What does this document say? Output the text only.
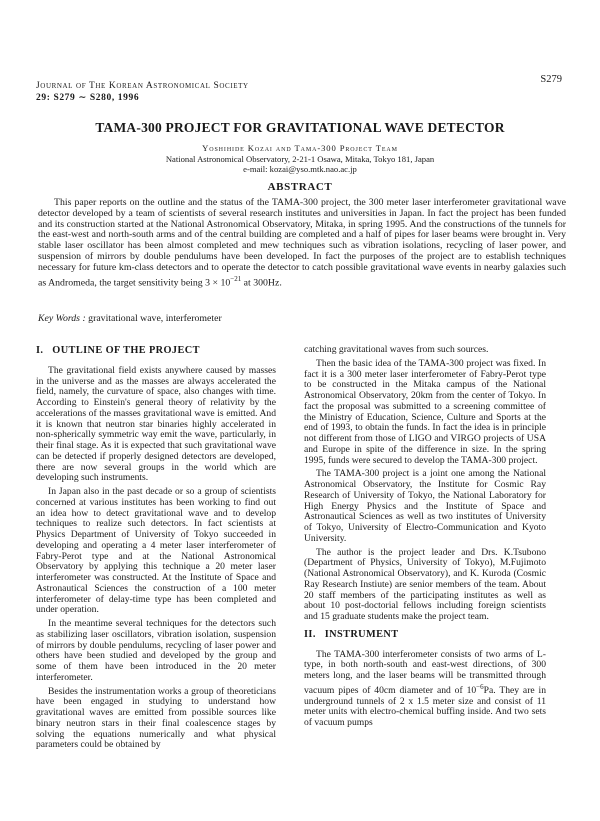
Journal of The Korean Astronomical Society
29: S279 ∼ S280, 1996
S279
TAMA-300 PROJECT FOR GRAVITATIONAL WAVE DETECTOR
Yoshihide Kozai and Tama-300 Project Team
National Astronomical Observatory, 2-21-1 Osawa, Mitaka, Tokyo 181, Japan
e-mail: kozai@yso.mtk.nao.ac.jp
ABSTRACT

This paper reports on the outline and the status of the TAMA-300 project, the 300 meter laser interferometer gravitational wave detector developed by a team of scientists of several research institutes and universities in Japan. In fact the project has been funded and its construction started at the National Astronomical Observatory, Mitaka, in spring 1995. And the constructions of the tunnels for the east-west and north-south arms and of the central building are completed and a half of pipes for laser beams were brought in. Very stable laser oscillator has been almost completed and mew techniques such as vibration isolations, recycling of laser power, and suspension of mirrors by double pendulums have been developed. In fact the purposes of the project are to establish techniques necessary for future km-class detectors and to operate the detector to catch possible gravitational wave events in nearby galaxies such as Andromeda, the target sensitivity being $3 \times 10^{-21}$ at 300Hz.

Key Words : gravitational wave, interferometer
I.   OUTLINE OF THE PROJECT

The gravitational field exists anywhere caused by masses in the universe and as the masses are always accelerated the field, namely, the curvature of space, also changes with time. According to Einstein's general theory of relativity by the accelerations of the masses gravitational wave is emitted. And it is known that neutron star binaries highly accelerated in non-spherically symmetric way emit the wave, particularly, in their final stage. As it is expected that such gravitational wave can be detected if properly designed detectors are developed, there are now several groups in the world which are developing such instruments.

In Japan also in the past decade or so a group of scientists concerned at various institutes has been working to find out an idea how to detect gravitational wave and to develop techniques to realize such detectors. In fact scientists at Physics Department of University of Tokyo succeeded in developing and operating a 4 meter laser interferometer of Fabry-Perot type and at the National Astronomical Observatory by applying this technique a 20 meter laser interferometer was constructed. At the Institute of Space and Astronautical Sciences the construction of a 100 meter interferometer of delay-time type has been completed and under operation.

In the meantime several techniques for the detectors such as stabilizing laser oscillators, vibration isolation, suspension of mirrors by double pendulums, recycling of laser power and others have been studied and developed by the group and some of them have been introduced in the 20 meter interferometer.

Besides the instrumentation works a group of theoreticians have been engaged in studying to understand how gravitational waves are emitted from possible sources like binary neutron stars in their final coalescence stages by solving the equations numerically and what physical parameters could be obtained by

catching gravitational waves from such sources.

Then the basic idea of the TAMA-300 project was fixed. In fact it is a 300 meter laser interferometer of Fabry-Perot type to be constructed in the Mitaka campus of the National Astronomical Observatory, 20km from the center of Tokyo. In fact the proposal was submitted to a screening committee of the Ministry of Education, Science, Culture and Sports at the end of 1993, to obtain the funds. In fact the idea is in principle not different from those of LIGO and VIRGO projects of USA and Europe in spite of the difference in size. In the spring 1995, funds were secured to develop the TAMA-300 project.

The TAMA-300 project is a joint one among the National Astronomical Observatory, the Institute for Cosmic Ray Research of University of Tokyo, the National Laboratory for High Energy Physics and the Institute of Space and Astronautical Sciences as well as two institutes of University of Tokyo, University of Electro-Communication and Kyoto University.

The author is the project leader and Drs. K.Tsubono (Department of Physics, University of Tokyo), M.Fujimoto (National Astronomical Observatory), and K. Kuroda (Cosmic Ray Research Instiute) are senior members of the team. About 20 staff members of the participating institutes as well as about 10 post-doctorial fellows including foreign scientists and 15 graduate students make the project team.

II.   INSTRUMENT

The TAMA-300 interferometer consists of two arms of L-type, in both north-south and east-west directions, of 300 meters long, and the laser beams will be transmitted through vacuum pipes of 40cm diameter and of $10^{-6}Pa$. They are in underground tunnels of 2 x 1.5 meter size and consist of 11 meter units with electro-chemical buffing inside. And two sets of vacuum pumps
